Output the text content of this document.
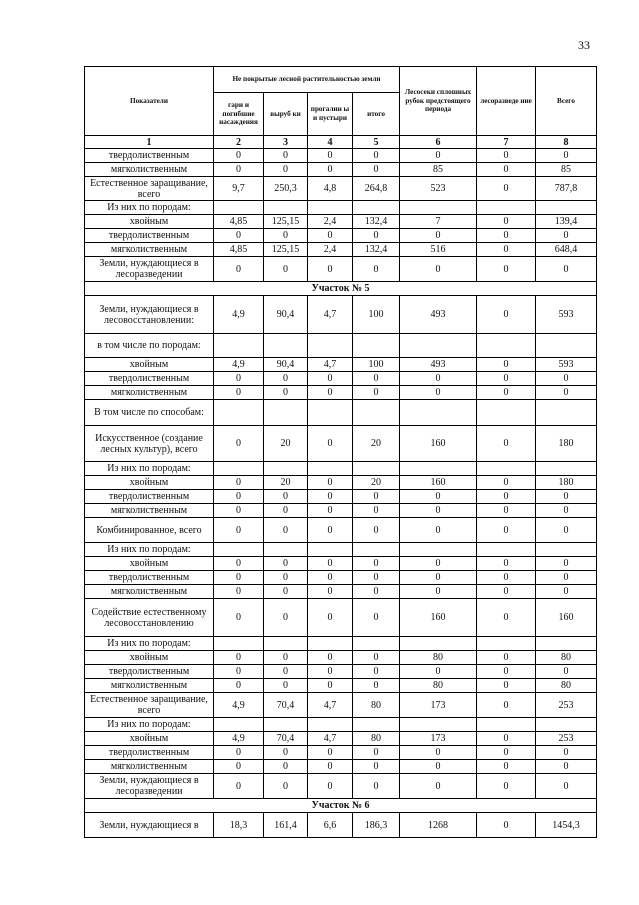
33
Показатели	Не покрытые лесной растительностью земли				Лесосеки сплошных рубок предстоящего периода	лесоразведе ние	Всего
	гари и погибшие насаждения	выруб ки	прогалин ы и пустыри	итого			
1	2	3	4	5	6	7	8
твердолиственным	0	0	0	0	0	0	0
мягколиственным	0	0	0	0	85	0	85
Естественное заращивание, всего	9,7	250,3	4,8	264,8	523	0	787,8
Из них по породам:							
хвойным	4,85	125,15	2,4	132,4	7	0	139,4
твердолиственным	0	0	0	0	0	0	0
мягколиственным	4,85	125,15	2,4	132,4	516	0	648,4
Земли, нуждающиеся в лесоразведении	0	0	0	0	0	0	0
Участок № 5							
Земли, нуждающиеся в лесовосстановлении:	4,9	90,4	4,7	100	493	0	593
в том числе по породам:							
хвойным	4,9	90,4	4,7	100	493	0	593
твердолиственным	0	0	0	0	0	0	0
мягколиственным	0	0	0	0	0	0	0
В том числе по способам:							
Искусственное (создание лесных культур), всего	0	20	0	20	160	0	180
Из них по породам:							
хвойным	0	20	0	20	160	0	180
твердолиственным	0	0	0	0	0	0	0
мягколиственным	0	0	0	0	0	0	0
Комбинированное, всего	0	0	0	0	0	0	0
Из них по породам:							
хвойным	0	0	0	0	0	0	0
твердолиственным	0	0	0	0	0	0	0
мягколиственным	0	0	0	0	0	0	0
Содействие естественному лесовосстановлению	0	0	0	0	160	0	160
Из них по породам:							
хвойным	0	0	0	0	80	0	80
твердолиственным	0	0	0	0	0	0	0
мягколиственным	0	0	0	0	80	0	80
Естественное заращивание, всего	4,9	70,4	4,7	80	173	0	253
Из них по породам:							
хвойным	4,9	70,4	4,7	80	173	0	253
твердолиственным	0	0	0	0	0	0	0
мягколиственным	0	0	0	0	0	0	0
Земли, нуждающиеся в лесоразведении	0	0	0	0	0	0	0
Участок № 6							
Земли, нуждающиеся в	18,3	161,4	6,6	186,3	1268	0	1454,3
